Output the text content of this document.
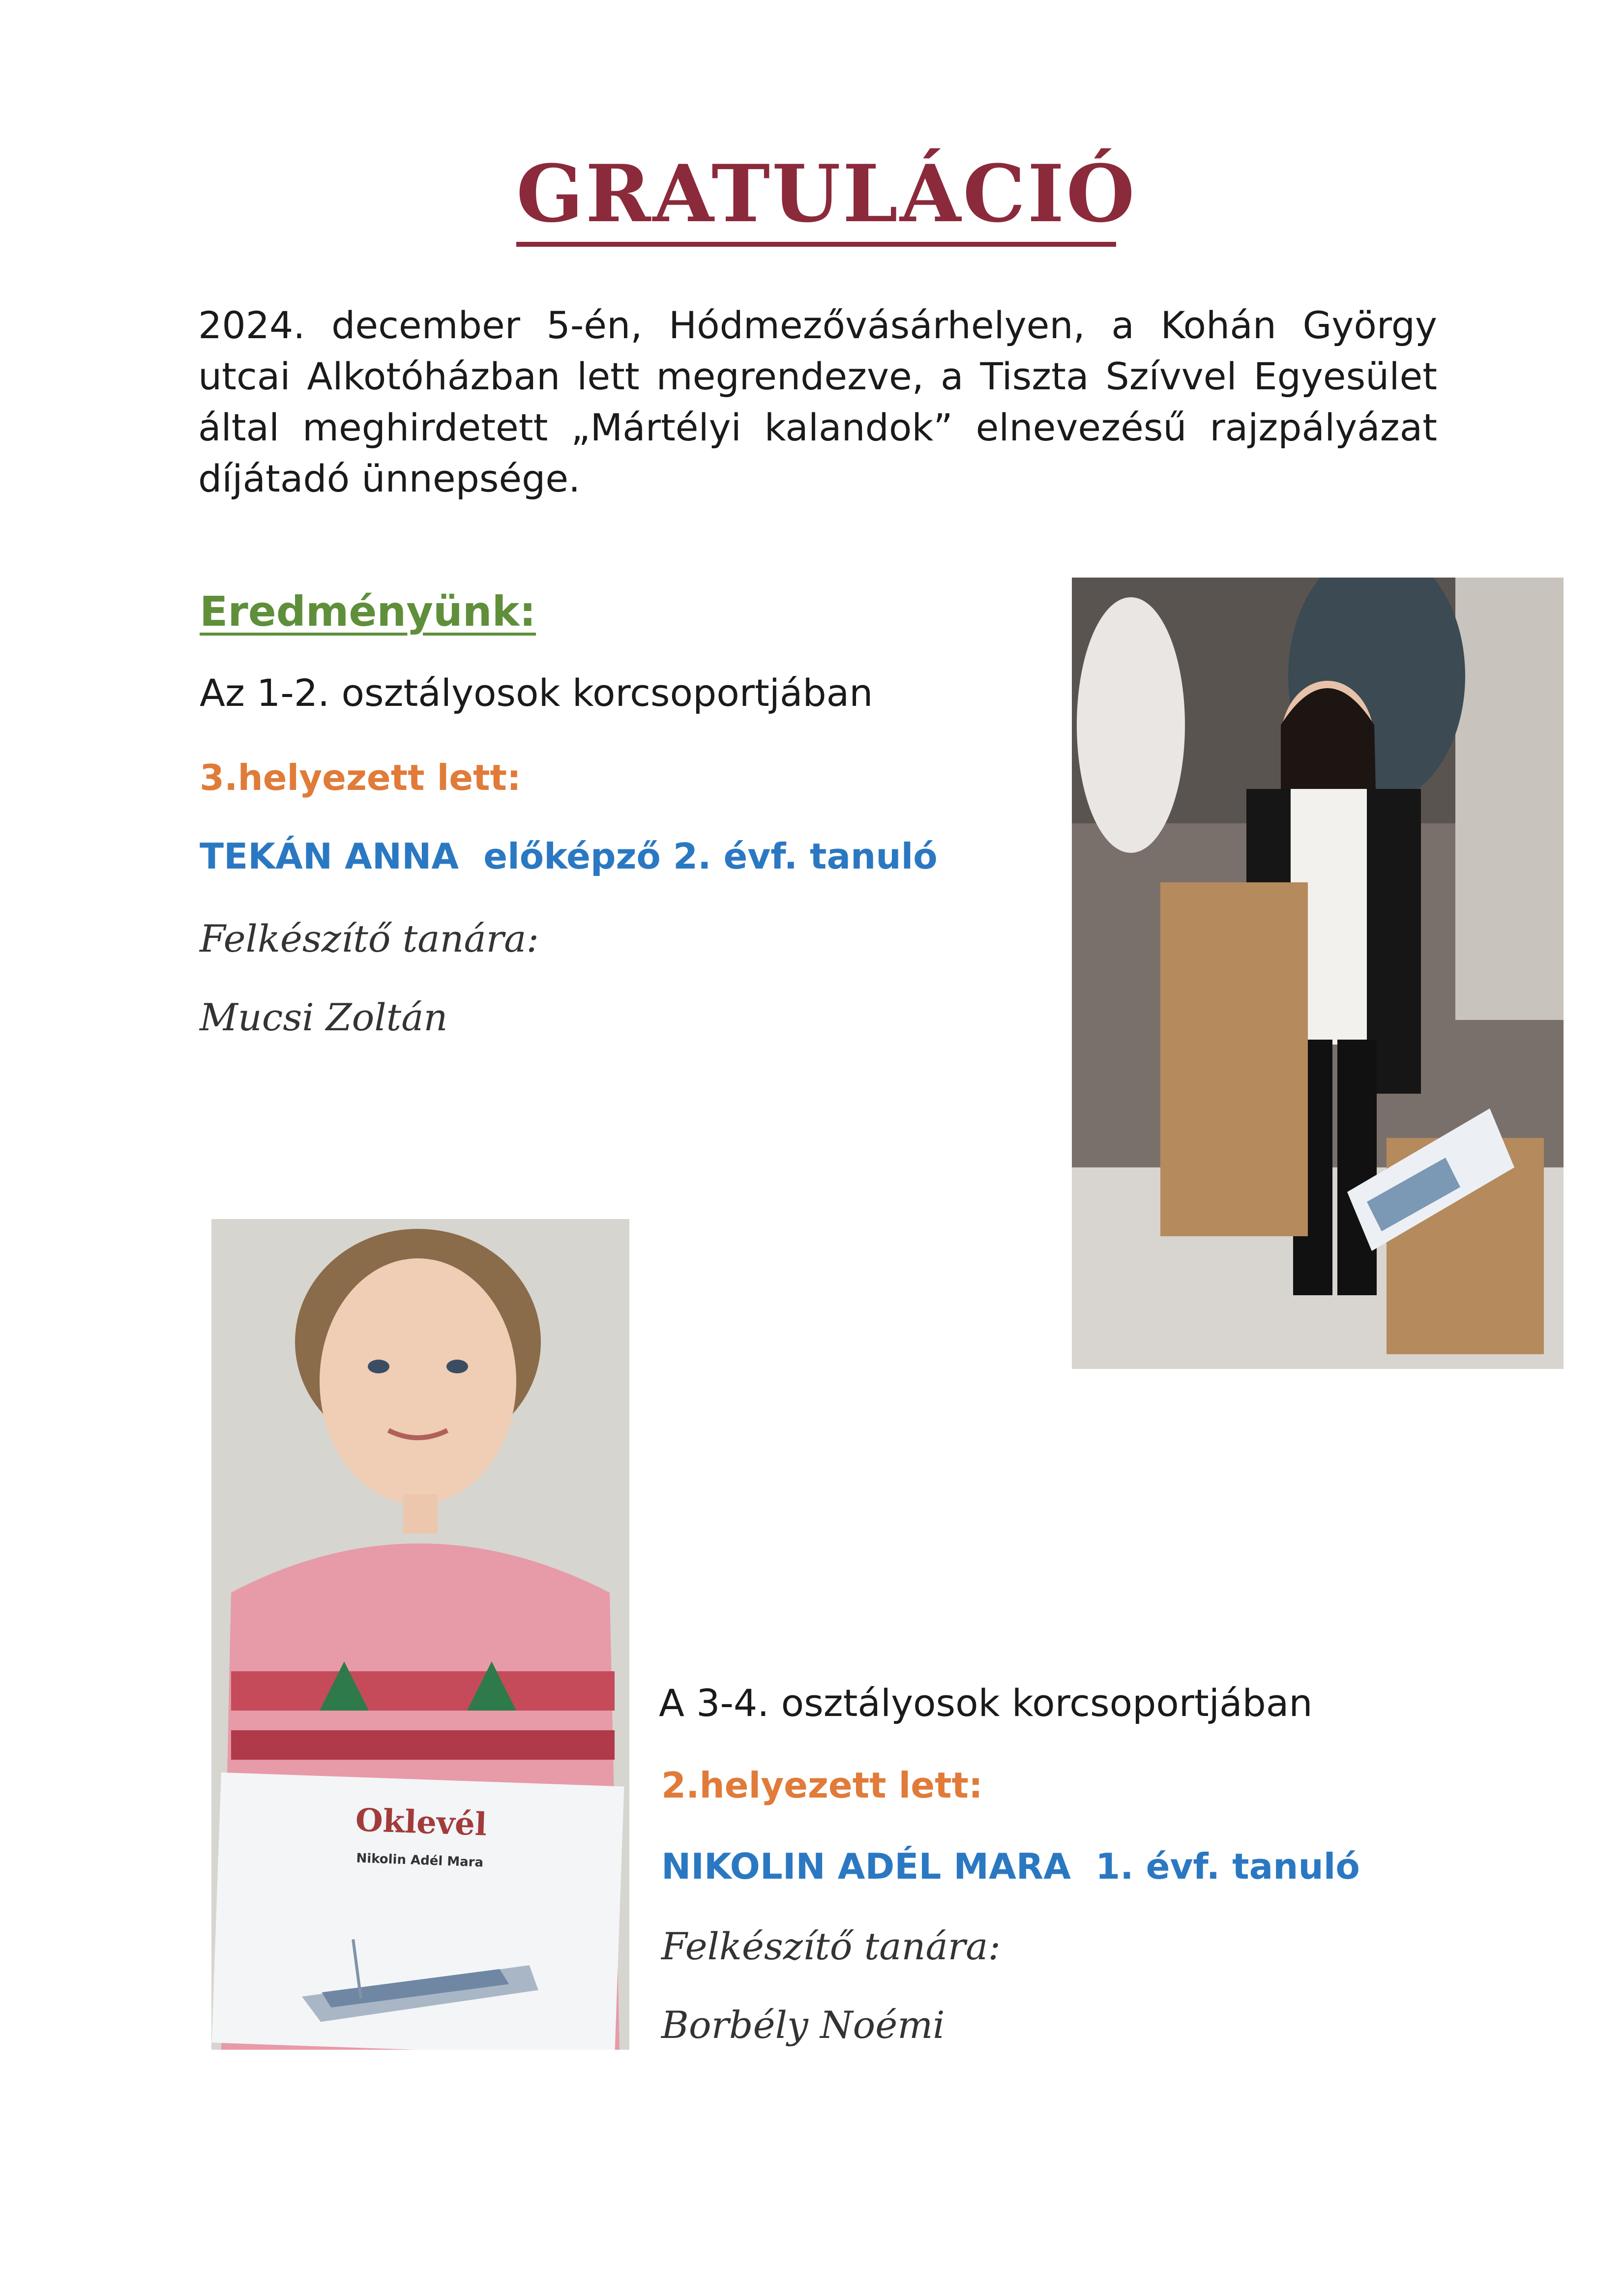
GRATULÁCIÓ
2024. december 5-én, Hódmezővásárhelyen, a Kohán György utcai Alkotóházban lett megrendezve, a Tiszta Szívvel Egyesület által meghirdetett „Mártélyi kalandok” elnevezésű rajzpályázat díjátadó ünnepsége.
Eredményünk:
Az 1-2. osztályosok korcsoportjában
3.helyezett lett:
TEKÁN ANNA  előképző 2. évf. tanuló
Felkészítő tanára:
Mucsi Zoltán
Oklevél
Nikolin Adél Mara
A 3-4. osztályosok korcsoportjában
2.helyezett lett:
NIKOLIN ADÉL MARA  1. évf. tanuló
Felkészítő tanára:
Borbély Noémi
